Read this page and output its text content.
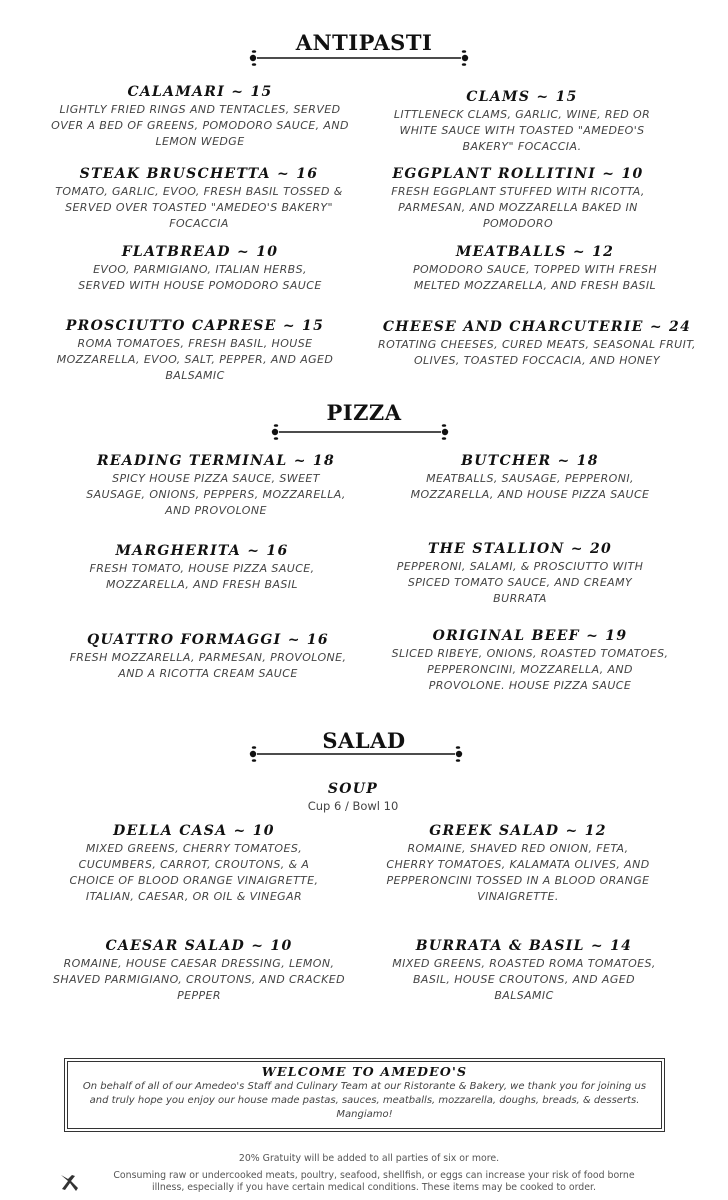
ANTIPASTI
CALAMARI ~ 15
LIGHTLY FRIED RINGS AND TENTACLES, SERVED OVER A BED OF GREENS, POMODORO SAUCE, AND LEMON WEDGE
CLAMS ~ 15
LITTLENECK CLAMS, GARLIC, WINE, RED OR WHITE SAUCE WITH TOASTED "AMEDEO'S BAKERY" FOCACCIA.
STEAK BRUSCHETTA ~ 16
TOMATO, GARLIC, EVOO, FRESH BASIL TOSSED & SERVED OVER TOASTED "AMEDEO'S BAKERY" FOCACCIA
EGGPLANT ROLLITINI ~ 10
FRESH EGGPLANT STUFFED WITH RICOTTA, PARMESAN, AND MOZZARELLA BAKED IN POMODORO
FLATBREAD ~ 10
EVOO, PARMIGIANO, ITALIAN HERBS, SERVED WITH HOUSE POMODORO SAUCE
MEATBALLS ~ 12
POMODORO SAUCE, TOPPED WITH FRESH MELTED MOZZARELLA, AND FRESH BASIL
PROSCIUTTO CAPRESE ~ 15
ROMA TOMATOES, FRESH BASIL, HOUSE MOZZARELLA, EVOO, SALT, PEPPER, AND AGED BALSAMIC
CHEESE AND CHARCUTERIE ~ 24
ROTATING CHEESES, CURED MEATS, SEASONAL FRUIT, OLIVES, TOASTED FOCCACIA, AND HONEY
PIZZA
READING TERMINAL ~ 18
SPICY HOUSE PIZZA SAUCE, SWEET SAUSAGE, ONIONS, PEPPERS, MOZZARELLA, AND PROVOLONE
BUTCHER ~ 18
MEATBALLS, SAUSAGE, PEPPERONI, MOZZARELLA, AND HOUSE PIZZA SAUCE
MARGHERITA ~ 16
FRESH TOMATO, HOUSE PIZZA SAUCE, MOZZARELLA, AND FRESH BASIL
THE STALLION ~ 20
PEPPERONI, SALAMI, & PROSCIUTTO WITH SPICED TOMATO SAUCE, AND CREAMY BURRATA
QUATTRO FORMAGGI ~ 16
FRESH MOZZARELLA, PARMESAN, PROVOLONE, AND A RICOTTA CREAM SAUCE
ORIGINAL BEEF ~ 19
SLICED RIBEYE, ONIONS, ROASTED TOMATOES, PEPPERONCINI, MOZZARELLA, AND PROVOLONE. HOUSE PIZZA SAUCE
SALAD
SOUP
Cup 6 / Bowl 10
DELLA CASA ~ 10
MIXED GREENS, CHERRY TOMATOES, CUCUMBERS, CARROT, CROUTONS, & A CHOICE OF BLOOD ORANGE VINAIGRETTE, ITALIAN, CAESAR, OR OIL & VINEGAR
GREEK SALAD ~ 12
ROMAINE, SHAVED RED ONION, FETA, CHERRY TOMATOES, KALAMATA OLIVES, AND PEPPERONCINI TOSSED IN A BLOOD ORANGE VINAIGRETTE.
CAESAR SALAD ~ 10
ROMAINE, HOUSE CAESAR DRESSING, LEMON, SHAVED PARMIGIANO, CROUTONS, AND CRACKED PEPPER
BURRATA & BASIL ~ 14
MIXED GREENS, ROASTED ROMA TOMATOES, BASIL, HOUSE CROUTONS, AND AGED BALSAMIC
WELCOME TO AMEDEO'S
On behalf of all of our Amedeo's Staff and Culinary Team at our Ristorante & Bakery, we thank you for joining us and truly hope you enjoy our house made pastas, sauces, meatballs, mozzarella, doughs, breads, & desserts. Mangiamo!
20% Gratuity will be added to all parties of six or more.
Consuming raw or undercooked meats, poultry, seafood, shellfish, or eggs can increase your risk of food borne
illness, especially if you have certain medical conditions. These items may be cooked to order.
